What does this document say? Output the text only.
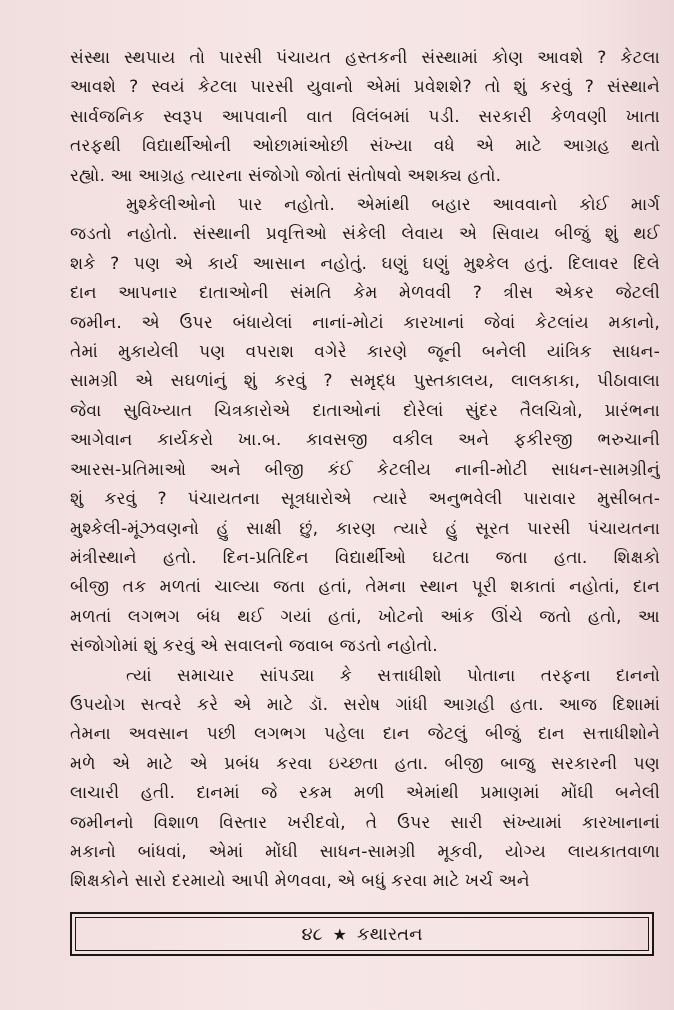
સંસ્થા સ્થપાય તો પારસી પંચાયત હસ્તકની સંસ્થામાં કોણ આવશે ? કેટલા
આવશે ? સ્વયં કેટલા પારસી યુવાનો એમાં પ્રવેશશે? તો શું કરવું ? સંસ્થાને
સાર્વજનિક સ્વરૂપ આપવાની વાત વિલંબમાં પડી. સરકારી કેળવણી ખાતા
તરફથી વિદ્યાર્થીઓની ઓછામાંઓછી સંખ્યા વધે એ માટે આગ્રહ થતો
રહ્યો. આ આગ્રહ ત્યારના સંજોગો જોતાં સંતોષવો અશક્ય હતો.
મુશ્કેલીઓનો પાર નહોતો. એમાંથી બહાર આવવાનો કોઈ માર્ગ
જડતો નહોતો. સંસ્થાની પ્રવૃત્તિઓ સંકેલી લેવાય એ સિવાય બીજું શું થઈ
શકે ? પણ એ કાર્ય આસાન નહોતું. ઘણું ઘણું મુશ્કેલ હતું. દિલાવર દિલે
દાન આપનાર દાતાઓની સંમતિ કેમ મેળવવી ? ત્રીસ એકર જેટલી
જમીન. એ ઉપર બંધાયેલાં નાનાં-મોટાં કારખાનાં જેવાં કેટલાંય મકાનો,
તેમાં મુકાયેલી પણ વપરાશ વગેરે કારણે જૂની બનેલી યાંત્રિક સાધન-
સામગ્રી એ સઘળાંનું શું કરવું ? સમૃદ્ધ પુસ્તકાલય, લાલકાકા, પીઠાવાલા
જેવા સુવિખ્યાત ચિત્રકારોએ દાતાઓનાં દોરેલાં સુંદર તૈલચિત્રો, પ્રારંભના
આગેવાન કાર્યકરો ખા.બ. કાવસજી વકીલ અને ફકીરજી ભરુચાની
આરસ-પ્રતિમાઓ અને બીજી કંઈ કેટલીય નાની-મોટી સાધન-સામગ્રીનું
શું કરવું ? પંચાયતના સૂત્રધારોએ ત્યારે અનુભવેલી પારાવાર મુસીબત-
મુશ્કેલી-મૂંઝવણનો હું સાક્ષી છું, કારણ ત્યારે હું સૂરત પારસી પંચાયતના
મંત્રીસ્થાને હતો. દિન-પ્રતિદિન વિદ્યાર્થીઓ ઘટતા જતા હતા. શિક્ષકો
બીજી તક મળતાં ચાલ્યા જતા હતાં, તેમના સ્થાન પૂરી શકાતાં નહોતાં, દાન
મળતાં લગભગ બંધ થઈ ગયાં હતાં, ખોટનો આંક ઊંચે જતો હતો, આ
સંજોગોમાં શું કરવું એ સવાલનો જવાબ જડતો નહોતો.
ત્યાં સમાચાર સાંપડ્યા કે સત્તાધીશો પોતાના તરફના દાનનો
ઉપયોગ સત્વરે કરે એ માટે ડૉ. સરોષ ગાંધી આગ્રહી હતા. આજ દિશામાં
તેમના અવસાન પછી લગભગ પહેલા દાન જેટલું બીજું દાન સત્તાધીશોને
મળે એ માટે એ પ્રબંધ કરવા ઇચ્છતા હતા. બીજી બાજુ સરકારની પણ
લાચારી હતી. દાનમાં જે રકમ મળી એમાંથી પ્રમાણમાં મોંઘી બનેલી
જમીનનો વિશાળ વિસ્તાર ખરીદવો, તે ઉપર સારી સંખ્યામાં કારખાનાનાં
મકાનો બાંધવાં, એમાં મોંઘી સાધન-સામગ્રી મૂકવી, યોગ્ય લાયકાતવાળા
શિક્ષકોને સારો દરમાયો આપી મેળવવા, એ બધું કરવા માટે ખર્ચ અને
૪૮ ★ કથારતન
